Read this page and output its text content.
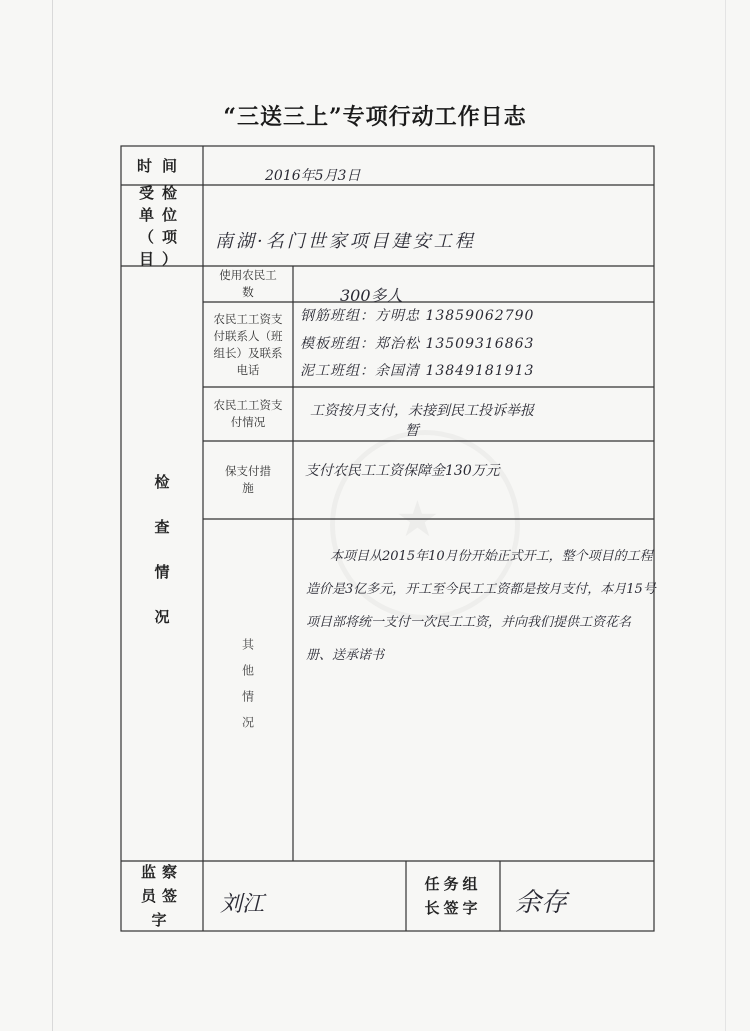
“三送三上”专项行动工作日志
时间
受检单位（项目）
检查情况
使用农民工数
农民工工资支付联系人（班组长）及联系电话
农民工工资支付情况
保支付措施
其他情况
监察员签字
任务组长签字
2016年5月3日
南湖·名门世家项目建安工程
300多人
钢筋班组：方明忠 13859062790
模板班组：郑治松 13509316863
泥工班组：余国清 13849181913
工资按月支付，未接到民工投诉举报
暂
支付农民工工资保障金130万元
本项目从2015年10月份开始正式开工，整个项目的工程造价是3亿多元，开工至今民工工资都是按月支付，本月15号项目部将统一支付一次民工工资，并向我们提供工资花名册、送承诺书
刘江	余存
